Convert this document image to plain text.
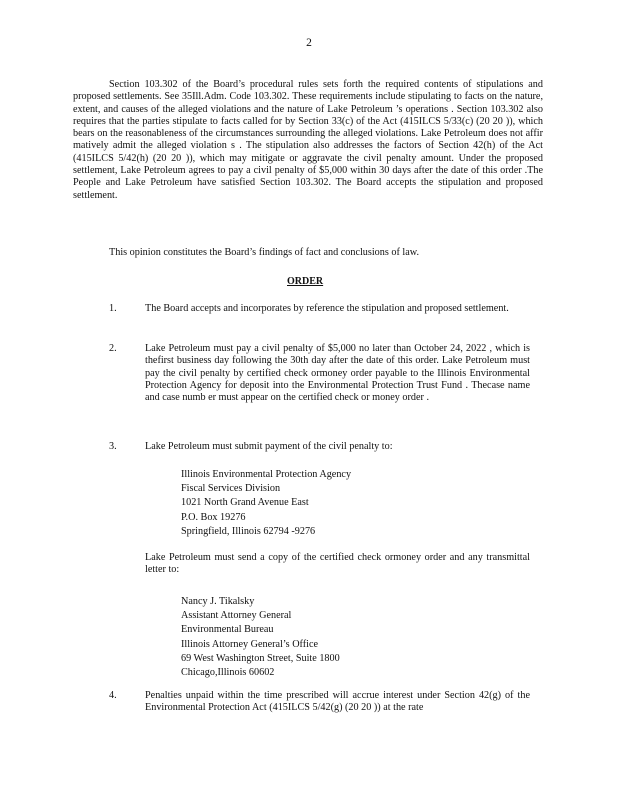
2
Section 103.302 of the Board’s procedural rules sets forth the required contents of stipulations and proposed settlements. See 35Ill.Adm. Code 103.302. These requirements include stipulating to facts on the nature, extent, and causes of the alleged violations and the nature of Lake Petroleum ’s operations . Section 103.302 also requires that the parties stipulate to facts called for by Section 33(c) of the Act (415ILCS 5/33(c) (20 20 )), which bears on the reasonableness of the circumstances surrounding the alleged violations. Lake Petroleum does not affir matively admit the alleged violation s . The stipulation also addresses the factors of Section 42(h) of the Act (415ILCS 5/42(h) (20 20 )), which may mitigate or aggravate the civil penalty amount. Under the proposed settlement, Lake Petroleum agrees to pay a civil penalty of $5,000 within 30 days after the date of this order .The People and Lake Petroleum have satisfied Section 103.302. The Board accepts the stipulation and proposed settlement.
This opinion constitutes the Board’s findings of fact and conclusions of law.
ORDER
1.	The Board accepts and incorporates by reference the stipulation and proposed settlement.
2.	Lake Petroleum must pay a civil penalty of $5,000 no later than October 24, 2022 , which is thefirst business day following the 30th day after the date of this order. Lake Petroleum must pay the civil penalty by certified check ormoney order payable to the Illinois Environmental Protection Agency for deposit into the Environmental Protection Trust Fund . Thecase name and case numb er must appear on the certified check or money order .
3.	Lake Petroleum must submit payment of the civil penalty to:
Illinois Environmental Protection Agency
Fiscal Services Division
1021 North Grand Avenue East
P.O. Box 19276
Springfield, Illinois 62794 -9276
Lake Petroleum must send a copy of the certified check ormoney order and any transmittal letter to:
Nancy J. Tikalsky
Assistant Attorney General
Environmental Bureau
Illinois Attorney General’s Office
69 West Washington Street, Suite 1800
Chicago,Illinois 60602
4.	Penalties unpaid within the time prescribed will accrue interest under Section 42(g) of the Environmental Protection Act (415ILCS 5/42(g) (20 20 )) at the rate
